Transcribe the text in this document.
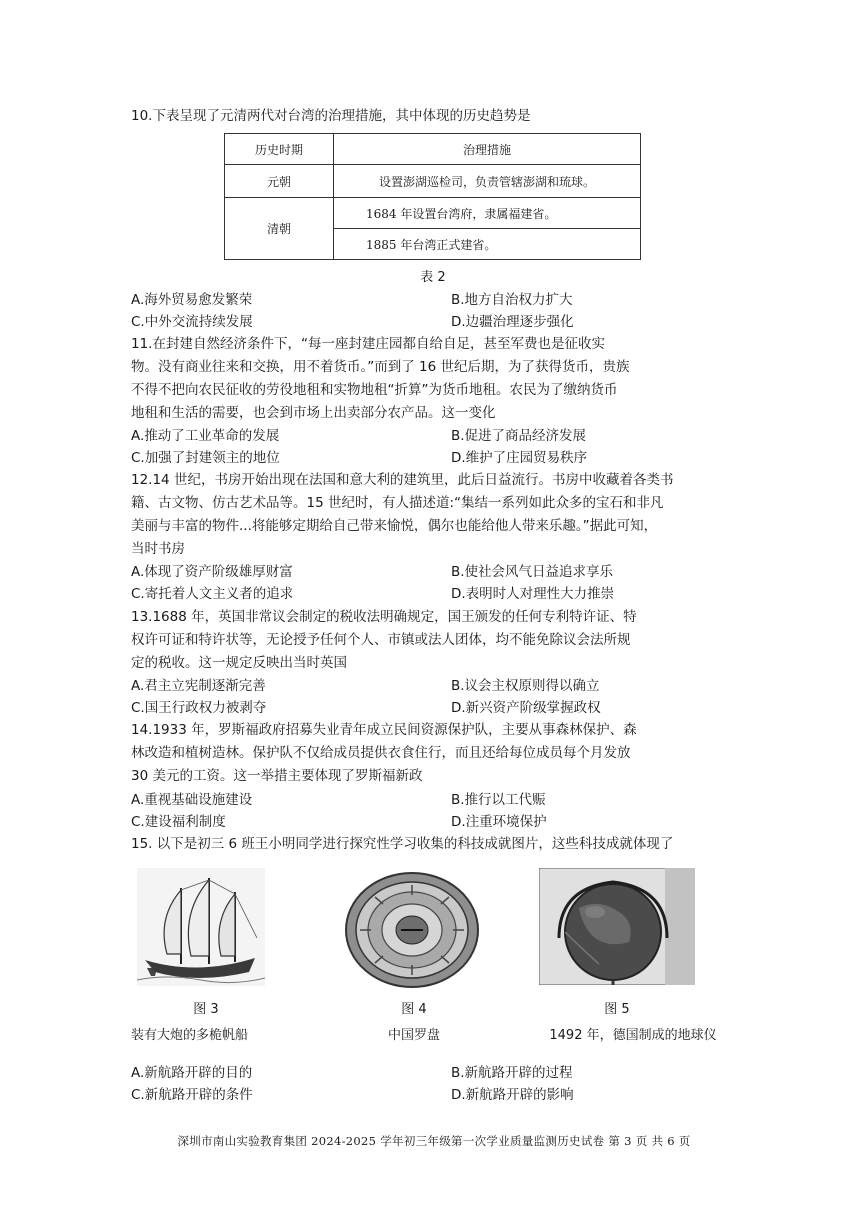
10.下表呈现了元清两代对台湾的治理措施，其中体现的历史趋势是
历史时期	治理措施
元朝	设置澎湖巡检司，负责管辖澎湖和琉球。
清朝	1684 年设置台湾府，隶属福建省。
	1885 年台湾正式建省。
表 2
A.海外贸易愈发繁荣	B.地方自治权力扩大
C.中外交流持续发展	D.边疆治理逐步强化
11.在封建自然经济条件下，“每一座封建庄园都自给自足，甚至军费也是征收实
物。没有商业往来和交换，用不着货币。”而到了 16 世纪后期，为了获得货币，贵族
不得不把向农民征收的劳役地租和实物地租“折算”为货币地租。农民为了缴纳货币
地租和生活的需要，也会到市场上出卖部分农产品。这一变化
A.推动了工业革命的发展	B.促进了商品经济发展
C.加强了封建领主的地位	D.维护了庄园贸易秩序
12.14 世纪，书房开始出现在法国和意大利的建筑里，此后日益流行。书房中收藏着各类书
籍、古文物、仿古艺术品等。15 世纪时，有人描述道:“集结一系列如此众多的宝石和非凡
美丽与丰富的物件...将能够定期给自己带来愉悦，偶尔也能给他人带来乐趣。”据此可知，
当时书房
A.体现了资产阶级雄厚财富	B.使社会风气日益追求享乐
C.寄托着人文主义者的追求	D.表明时人对理性大力推崇
13.1688 年，英国非常议会制定的税收法明确规定，国王颁发的任何专利特许证、特
权许可证和特许状等，无论授予任何个人、市镇或法人团体，均不能免除议会法所规
定的税收。这一规定反映出当时英国
A.君主立宪制逐渐完善	B.议会主权原则得以确立
C.国王行政权力被剥夺	D.新兴资产阶级掌握政权
14.1933 年，罗斯福政府招募失业青年成立民间资源保护队，主要从事森林保护、森
林改造和植树造林。保护队不仅给成员提供衣食住行，而且还给每位成员每个月发放
30 美元的工资。这一举措主要体现了罗斯福新政
A.重视基础设施建设	B.推行以工代赈
C.建设福利制度	D.注重环境保护
15. 以下是初三 6 班王小明同学进行探究性学习收集的科技成就图片，这些科技成就体现了
图 3	图 4	图 5
装有大炮的多桅帆船	中国罗盘	1492 年，德国制成的地球仪
A.新航路开辟的目的	B.新航路开辟的过程
C.新航路开辟的条件	D.新航路开辟的影响
深圳市南山实验教育集团 2024-2025 学年初三年级第一次学业质量监测历史试卷 第 3 页 共 6 页
